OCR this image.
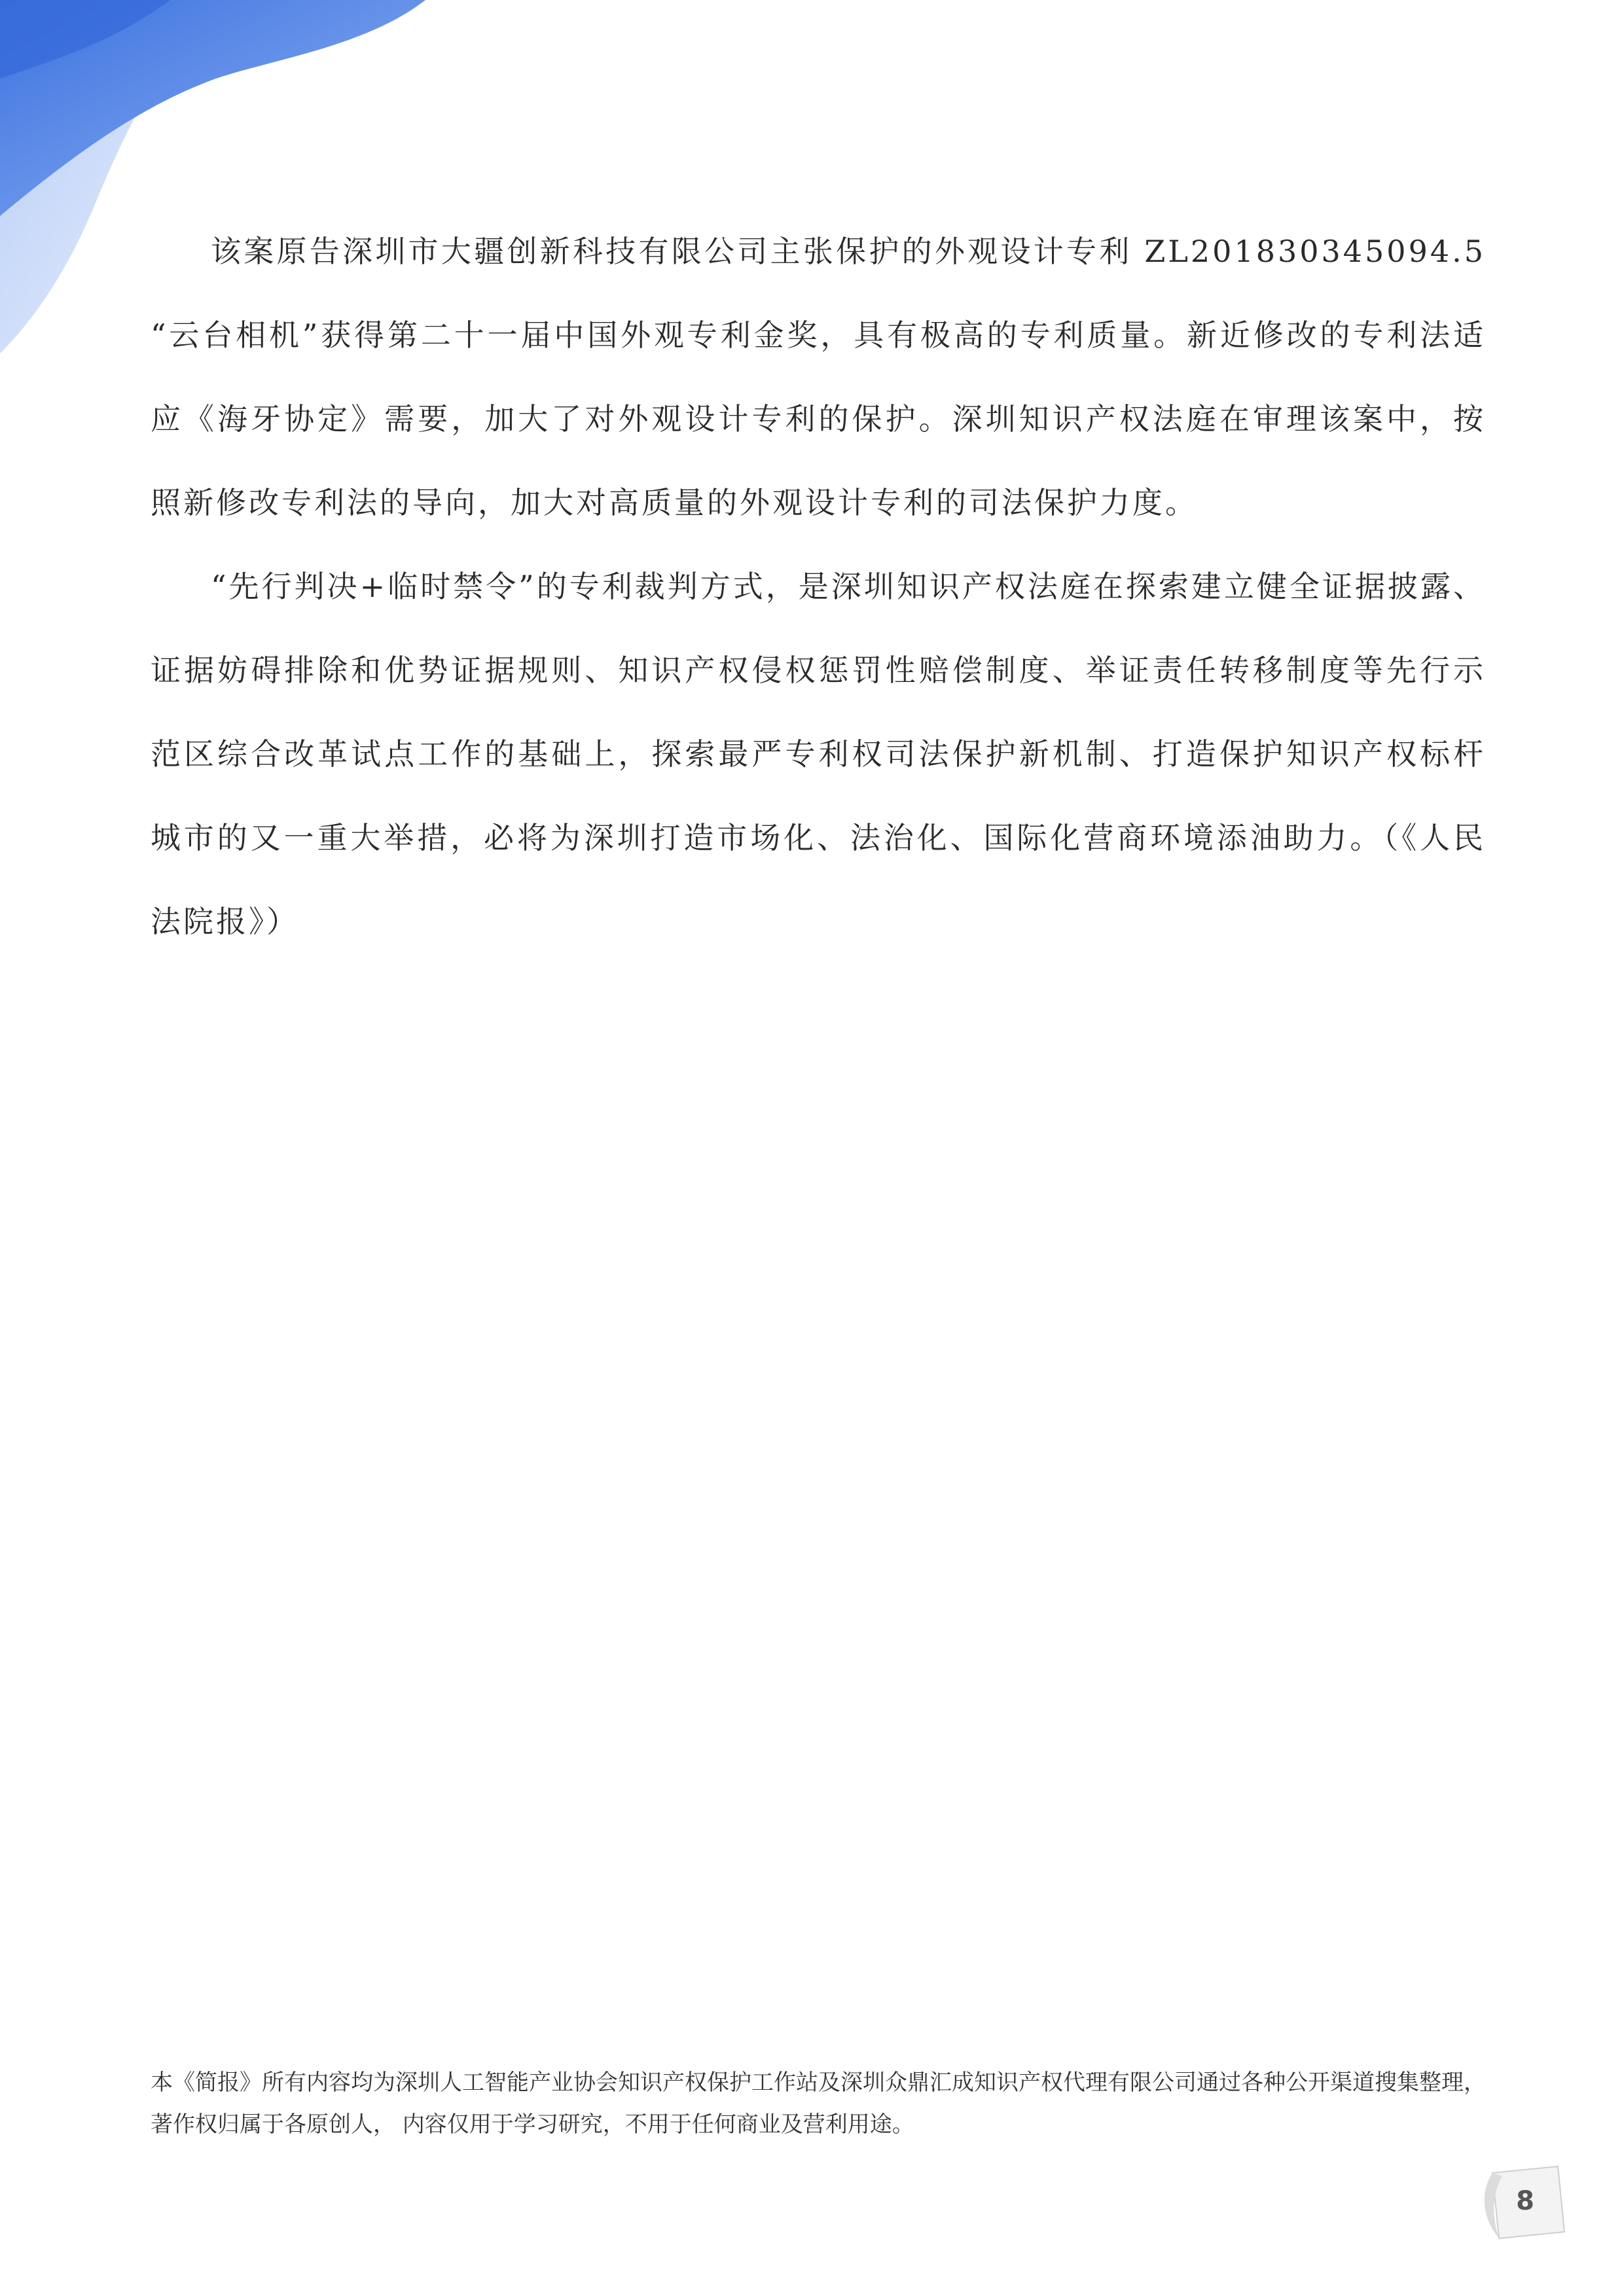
该案原告深圳市大疆创新科技有限公司主张保护的外观设计专利 ZL201830345094.5 “云台相机”获得第二十一届中国外观专利金奖，具有极高的专利质量。新近修改的专利法适应《海牙协定》需要，加大了对外观设计专利的保护。深圳知识产权法庭在审理该案中，按照新修改专利法的导向，加大对高质量的外观设计专利的司法保护力度。

“先行判决+临时禁令”的专利裁判方式，是深圳知识产权法庭在探索建立健全证据披露、证据妨碍排除和优势证据规则、知识产权侵权惩罚性赔偿制度、举证责任转移制度等先行示范区综合改革试点工作的基础上，探索最严专利权司法保护新机制、打造保护知识产权标杆城市的又一重大举措，必将为深圳打造市场化、法治化、国际化营商环境添油助力。（《人民法院报》）

本《简报》所有内容均为深圳人工智能产业协会知识产权保护工作站及深圳众鼎汇成知识产权代理有限公司通过各种公开渠道搜集整理，著作权归属于各原创人， 内容仅用于学习研究，不用于任何商业及营利用途。

8
